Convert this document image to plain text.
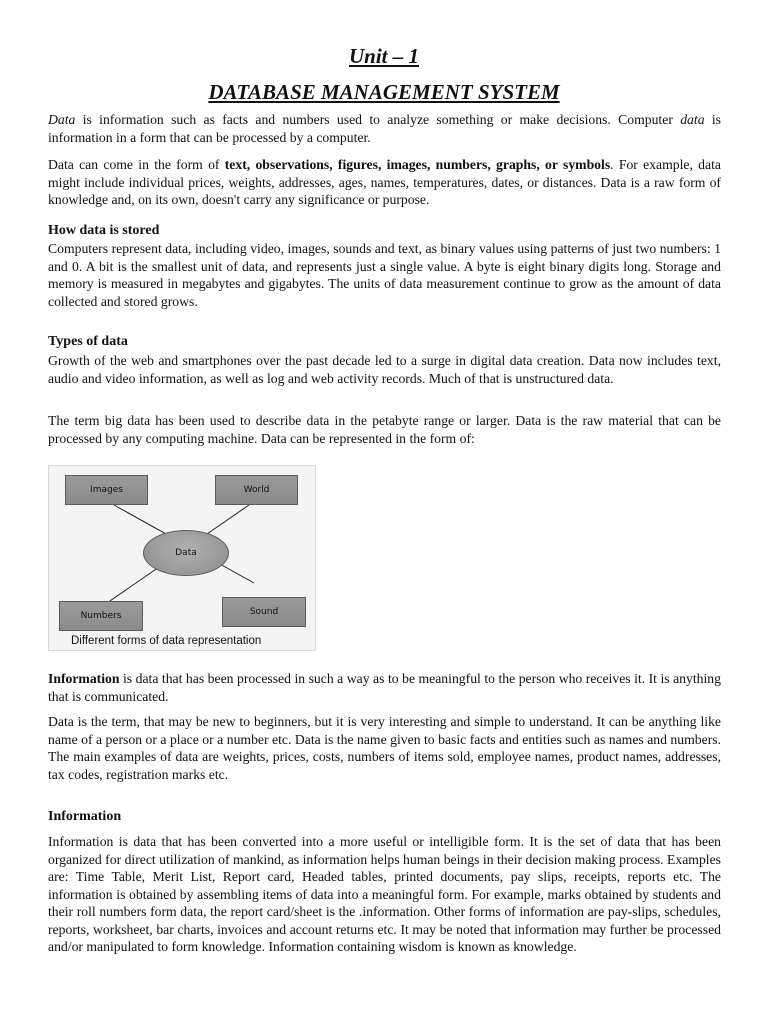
Unit – 1
DATABASE MANAGEMENT SYSTEM

Data is information such as facts and numbers used to analyze something or make decisions. Computer data is information in a form that can be processed by a computer.

Data can come in the form of text, observations, figures, images, numbers, graphs, or symbols. For example, data might include individual prices, weights, addresses, ages, names, temperatures, dates, or distances. Data is a raw form of knowledge and, on its own, doesn't carry any significance or purpose.

How data is stored

Computers represent data, including video, images, sounds and text, as binary values using patterns of just two numbers: 1 and 0. A bit is the smallest unit of data, and represents just a single value. A byte is eight binary digits long. Storage and memory is measured in megabytes and gigabytes. The units of data measurement continue to grow as the amount of data collected and stored grows.

Types of data

Growth of the web and smartphones over the past decade led to a surge in digital data creation. Data now includes text, audio and video information, as well as log and web activity records. Much of that is unstructured data.

The term big data has been used to describe data in the petabyte range or larger. Data is the raw material that can be processed by any computing machine. Data can be represented in the form of:

Images	World
Data
Numbers	Sound
Different forms of data representation

Information is data that has been processed in such a way as to be meaningful to the person who receives it. It is anything that is communicated.

Data is the term, that may be new to beginners, but it is very interesting and simple to understand. It can be anything like name of a person or a place or a number etc. Data is the name given to basic facts and entities such as names and numbers. The main examples of data are weights, prices, costs, numbers of items sold, employee names, product names, addresses, tax codes, registration marks etc.

Information

Information is data that has been converted into a more useful or intelligible form. It is the set of data that has been organized for direct utilization of mankind, as information helps human beings in their decision making process. Examples are: Time Table, Merit List, Report card, Headed tables, printed documents, pay slips, receipts, reports etc. The information is obtained by assembling items of data into a meaningful form. For example, marks obtained by students and their roll numbers form data, the report card/sheet is the .information. Other forms of information are pay-slips, schedules, reports, worksheet, bar charts, invoices and account returns etc. It may be noted that information may further be processed and/or manipulated to form knowledge. Information containing wisdom is known as knowledge.
